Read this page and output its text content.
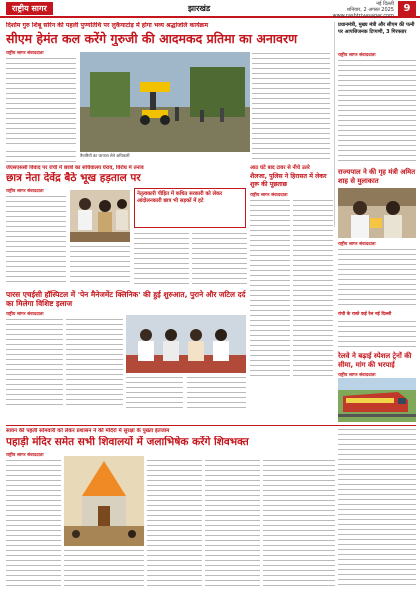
राष्ट्रीय सागर	झारखंड	नई दिल्ली
शनिवार, 2 अगस्त 2025
www.rashtriyasagar.com
9
दिशोम गुरु शिबू सोरेन की पहली पुण्यतिथि पर लुकैयाटांड़ में होगा भव्य श्रद्धांजलि कार्यक्रम
सीएम हेमंत कल करेंगे गुरुजी की आदमकद प्रतिमा का अनावरण
राष्ट्रीय सागर संवाददाता
तैयारियों का जायजा लेते अधिकारी
प्रधानमंत्री, मुख्य मंत्री और सीएम की पत्नी पर आपत्तिजनक टिप्पणी, 3 गिरफ्तार
राष्ट्रीय सागर संवाददाता
जेएसएससी विवाद पर रांची में छात्रों का सचिवालय घेराव, विरोध में तनाव
छात्र नेता देवेंद्र बैठे भूख हड़ताल पर
राष्ट्रीय सागर संवाददाता	नेतृत्वकारी पीड़ित में कथित सरकारी को लेकर आंदोलनकारी छात्र भी सड़कों में हटे
आठ घंटे बाद टावर से नीचे उतरे
शैलजा, पुलिस ने हिरासत में लेकर शुरू की पूछताछ
राष्ट्रीय सागर संवाददाता
राज्यपाल ने की गृह मंत्री अमित शाह से मुलाकात
राष्ट्रीय सागर संवाददाता
पारस एचईसी हॉस्पिटल में 'पेन मैनेजमेंट क्लिनिक' की हुई शुरुआत, पुराने और जटिल दर्द का मिलेगा विशिष्ट इलाज
राष्ट्रीय सागर संवाददाता	रांची के रास्ते कई रेल नई दिल्ली
रेलवे ने बढ़ाई स्पेशल ट्रेनों की सीमा, मांग की भरपाई
राष्ट्रीय सागर संवाददाता
सावन की पहली सोमवारी को लेकर प्रशासन ने की मंदिरों में सुरक्षा के पुख्ता इंतजाम
पहाड़ी मंदिर समेत सभी शिवालयों में जलाभिषेक करेंगे शिवभक्त
राष्ट्रीय सागर संवाददाता
